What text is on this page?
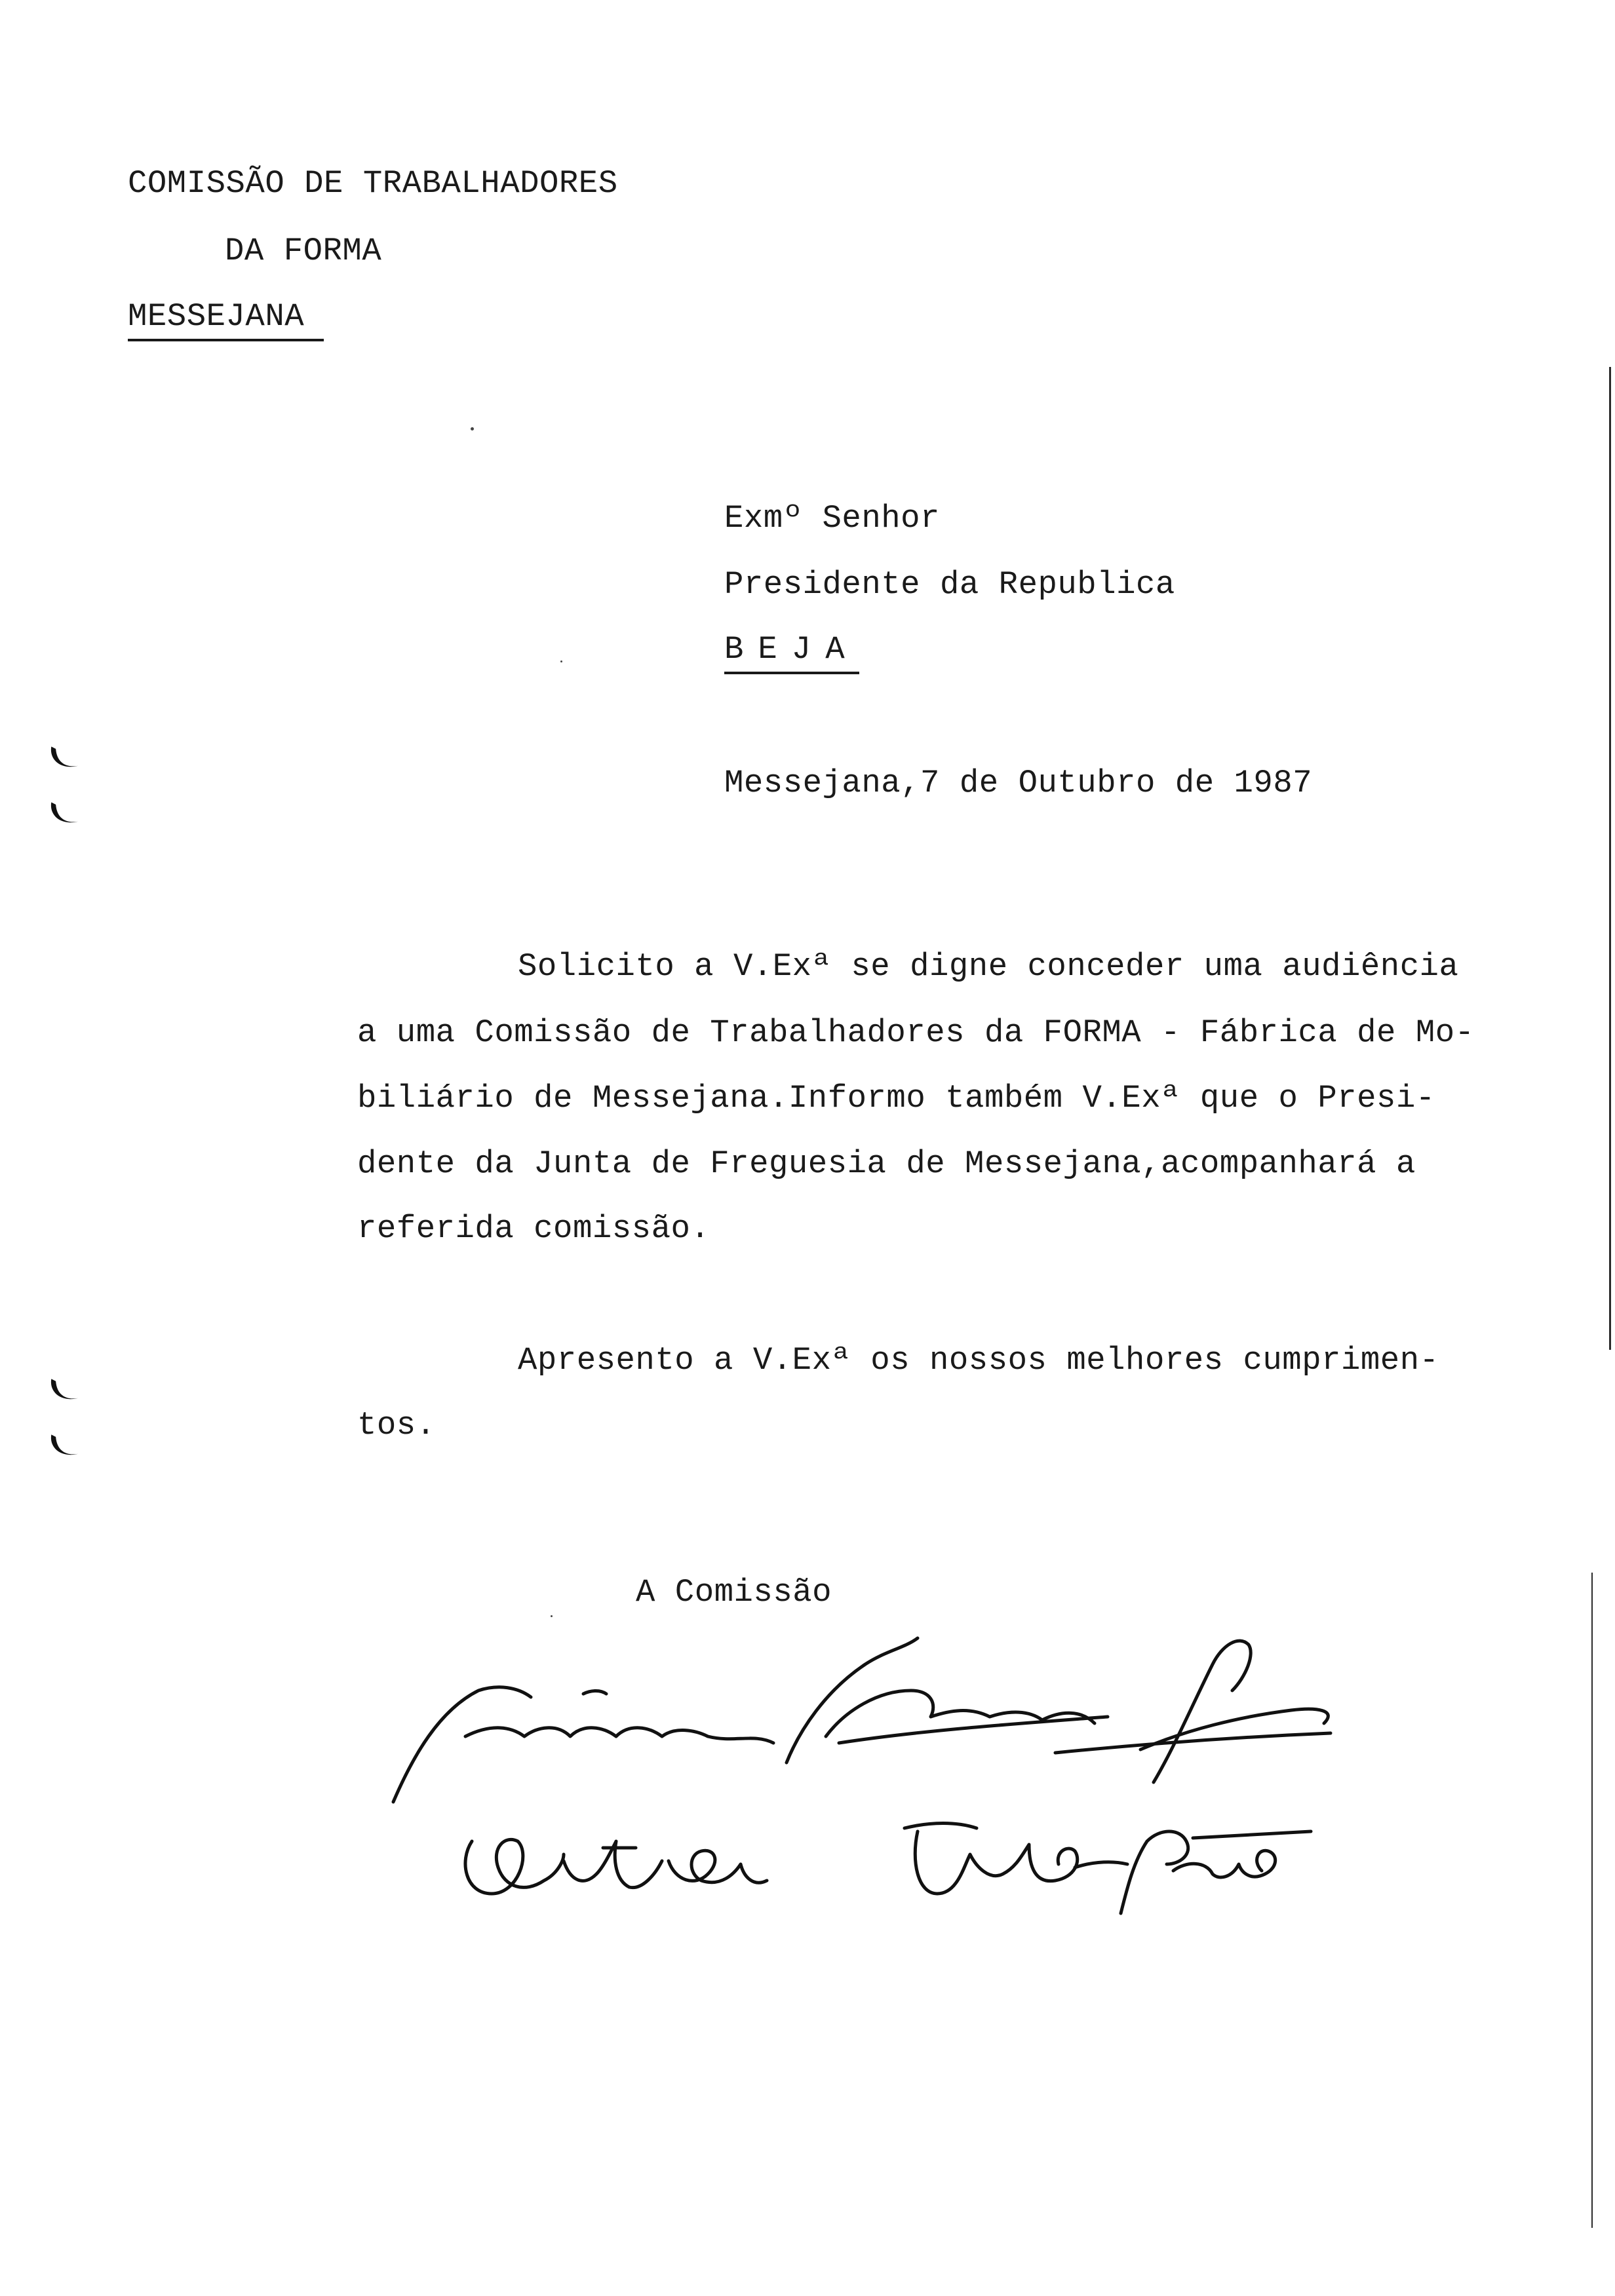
COMISSÃO DE TRABALHADORES
DA FORMA
MESSEJANA
Exmº Senhor
Presidente da Republica
BEJA
Messejana,7 de Outubro de 1987
Solicito a V.Exª se digne conceder uma audiência
a uma Comissão de Trabalhadores da FORMA - Fábrica de Mo-
biliário de Messejana.Informo também V.Exª que o Presi-
dente da Junta de Freguesia de Messejana,acompanhará a
referida comissão.
Apresento a V.Exª os nossos melhores cumprimen-
tos.
A Comissão
